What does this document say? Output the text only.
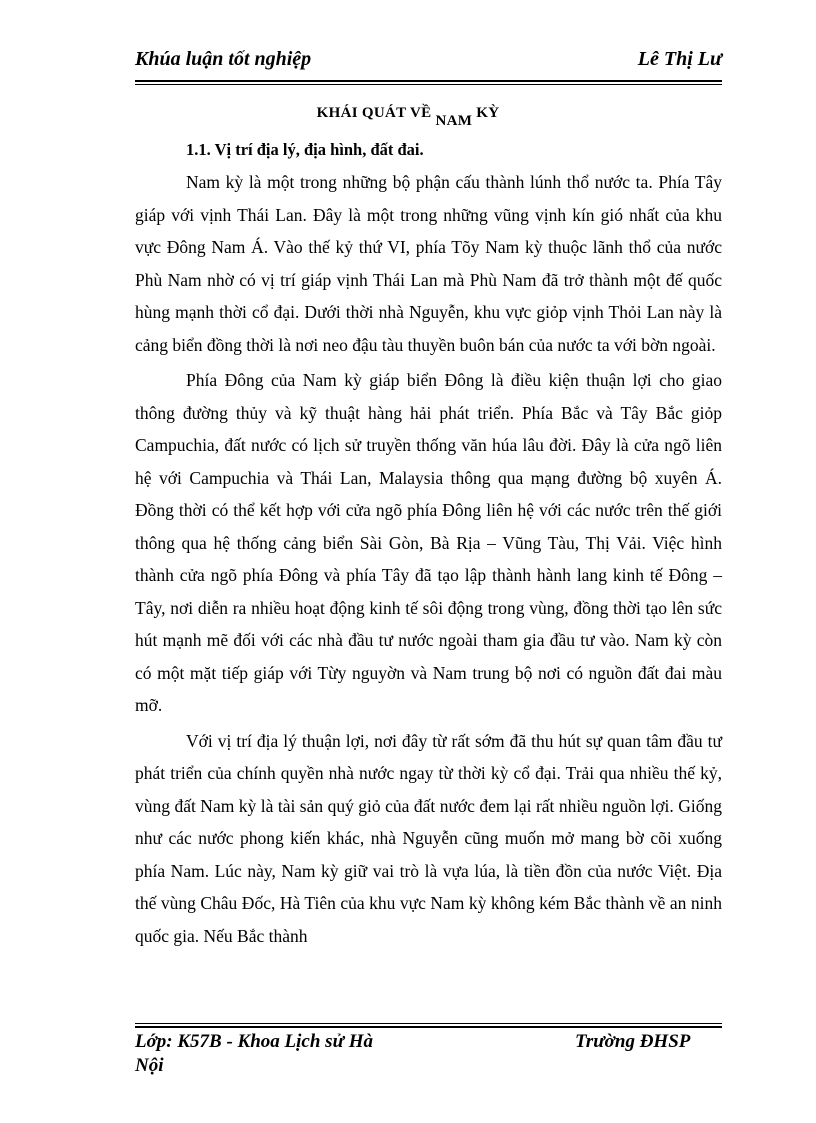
Khúa luận tốt nghiệp	Lê Thị Lư
KHÁI QUÁT VỀ NAM KỲ
1.1. Vị trí địa lý, địa hình, đất đai.

Nam kỳ là một trong những bộ phận cấu thành lúnh thổ nước ta. Phía Tây giáp với vịnh Thái Lan. Đây là một trong những vũng vịnh kín gió nhất của khu vực Đông Nam Á. Vào thế kỷ thứ VI, phía Tõy Nam kỳ thuộc lãnh thổ của nước Phù Nam nhờ có vị trí giáp vịnh Thái Lan mà Phù Nam đã trở thành một đế quốc hùng mạnh thời cổ đại. Dưới thời nhà Nguyễn, khu vực giỏp vịnh Thỏi Lan này là cảng biển đồng thời là nơi neo đậu tàu thuyền buôn bán của nước ta với bờn ngoài.

Phía Đông của Nam kỳ giáp biển Đông là điều kiện thuận lợi cho giao thông đường thủy và kỹ thuật hàng hải phát triển. Phía Bắc và Tây Bắc giỏp Campuchia, đất nước có lịch sử truyền thống văn húa lâu đời. Đây là cửa ngõ liên hệ với Campuchia và Thái Lan, Malaysia thông qua mạng đường bộ xuyên Á. Đồng thời có thể kết hợp với cửa ngõ phía Đông liên hệ với các nước trên thế giới thông qua hệ thống cảng biển Sài Gòn, Bà Rịa – Vũng Tàu, Thị Vải. Việc hình thành cửa ngõ phía Đông và phía Tây đã tạo lập thành hành lang kinh tế Đông – Tây, nơi diễn ra nhiều hoạt động kinh tế sôi động trong vùng, đồng thời tạo lên sức hút mạnh mẽ đối với các nhà đầu tư nước ngoài tham gia đầu tư vào. Nam kỳ còn có một mặt tiếp giáp với Từy nguyờn và Nam trung bộ nơi có nguồn đất đai màu mỡ.

Với vị trí địa lý thuận lợi, nơi đây từ rất sớm đã thu hút sự quan tâm đầu tư phát triển của chính quyền nhà nước ngay từ thời kỳ cổ đại. Trải qua nhiều thế kỷ, vùng đất Nam kỳ là tài sản quý giỏ của đất nước đem lại rất nhiều nguồn lợi. Giống như các nước phong kiến khác, nhà Nguyễn cũng muốn mở mang bờ cõi xuống phía Nam. Lúc này, Nam kỳ giữ vai trò là vựa lúa, là tiền đồn của nước Việt. Địa thế vùng Châu Đốc, Hà Tiên của khu vực Nam kỳ không kém Bắc thành về an ninh quốc gia. Nếu Bắc thành

Lớp: K57B - Khoa Lịch sử Hà Nội
Trường ĐHSP
